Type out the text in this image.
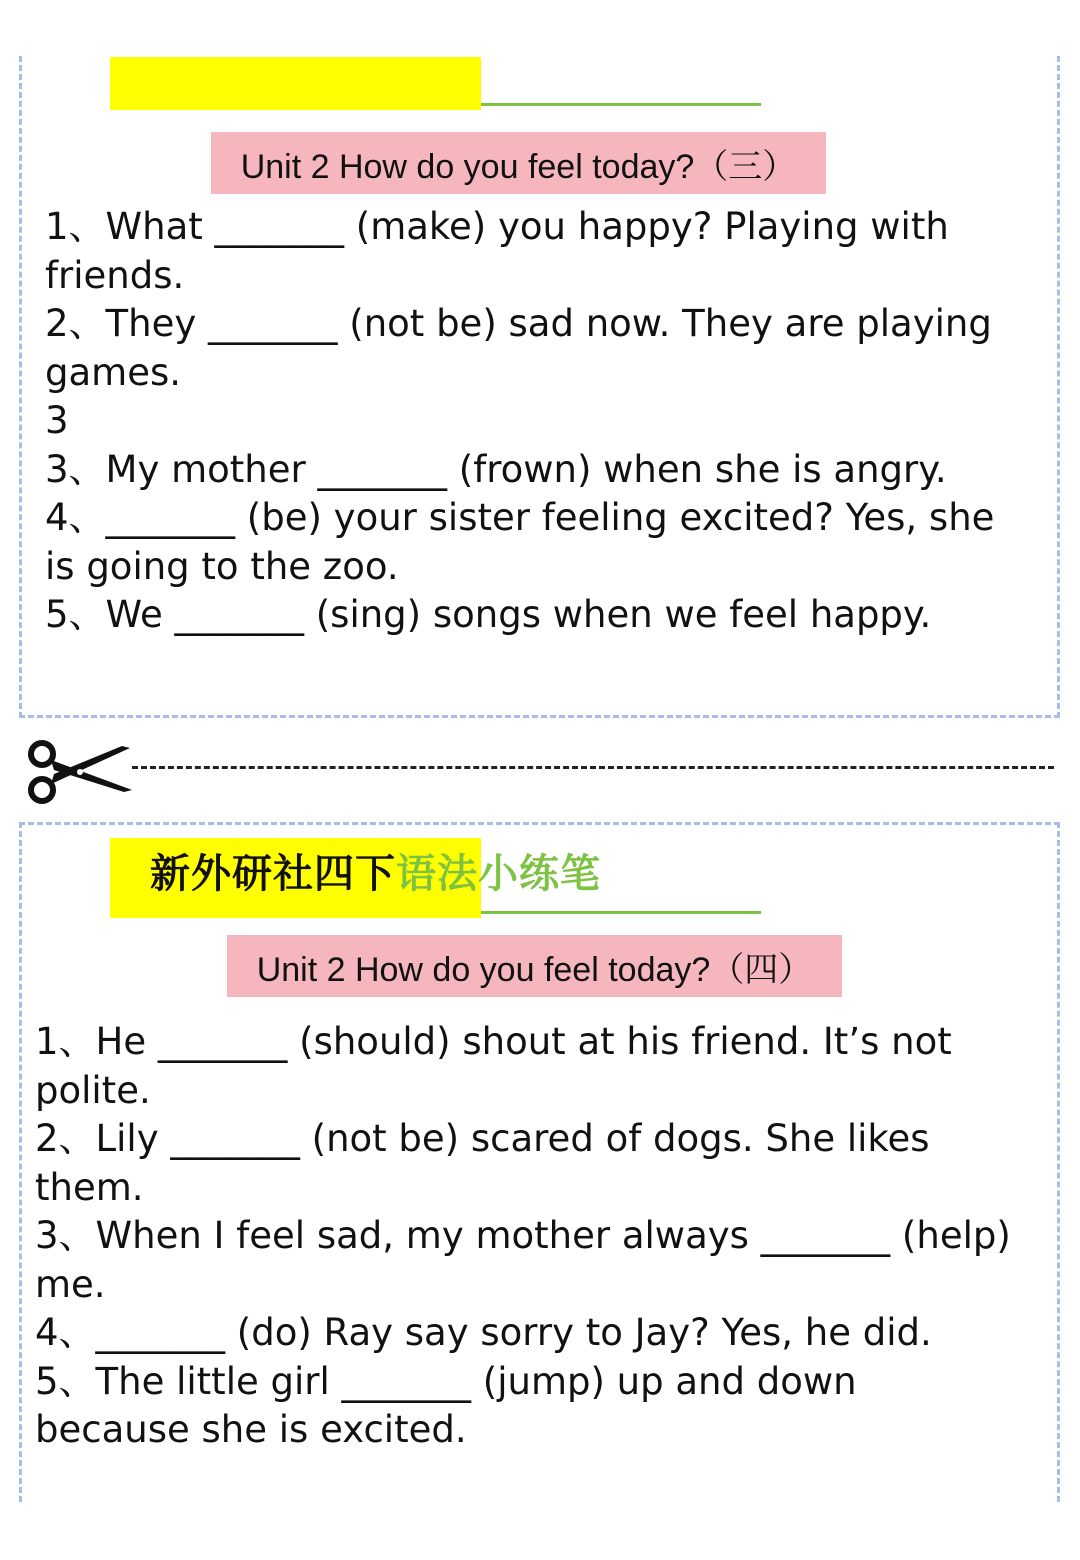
Unit 2 How do you feel today?（三）
1、What _______ (make) you happy? Playing with
friends.
2、They _______ (not be) sad now. They are playing
games.
3
3、My mother _______ (frown) when she is angry.
4、_______ (be) your sister feeling excited? Yes, she
is going to the zoo.
5、We _______ (sing) songs when we feel happy.
新外研社四下语法小练笔
Unit 2 How do you feel today?（四）
1、He _______ (should) shout at his friend. It’s not
polite.
2、Lily _______ (not be) scared of dogs. She likes
them.
3、When I feel sad, my mother always _______ (help)
me.
4、_______ (do) Ray say sorry to Jay? Yes, he did.
5、The little girl _______ (jump) up and down
because she is excited.
